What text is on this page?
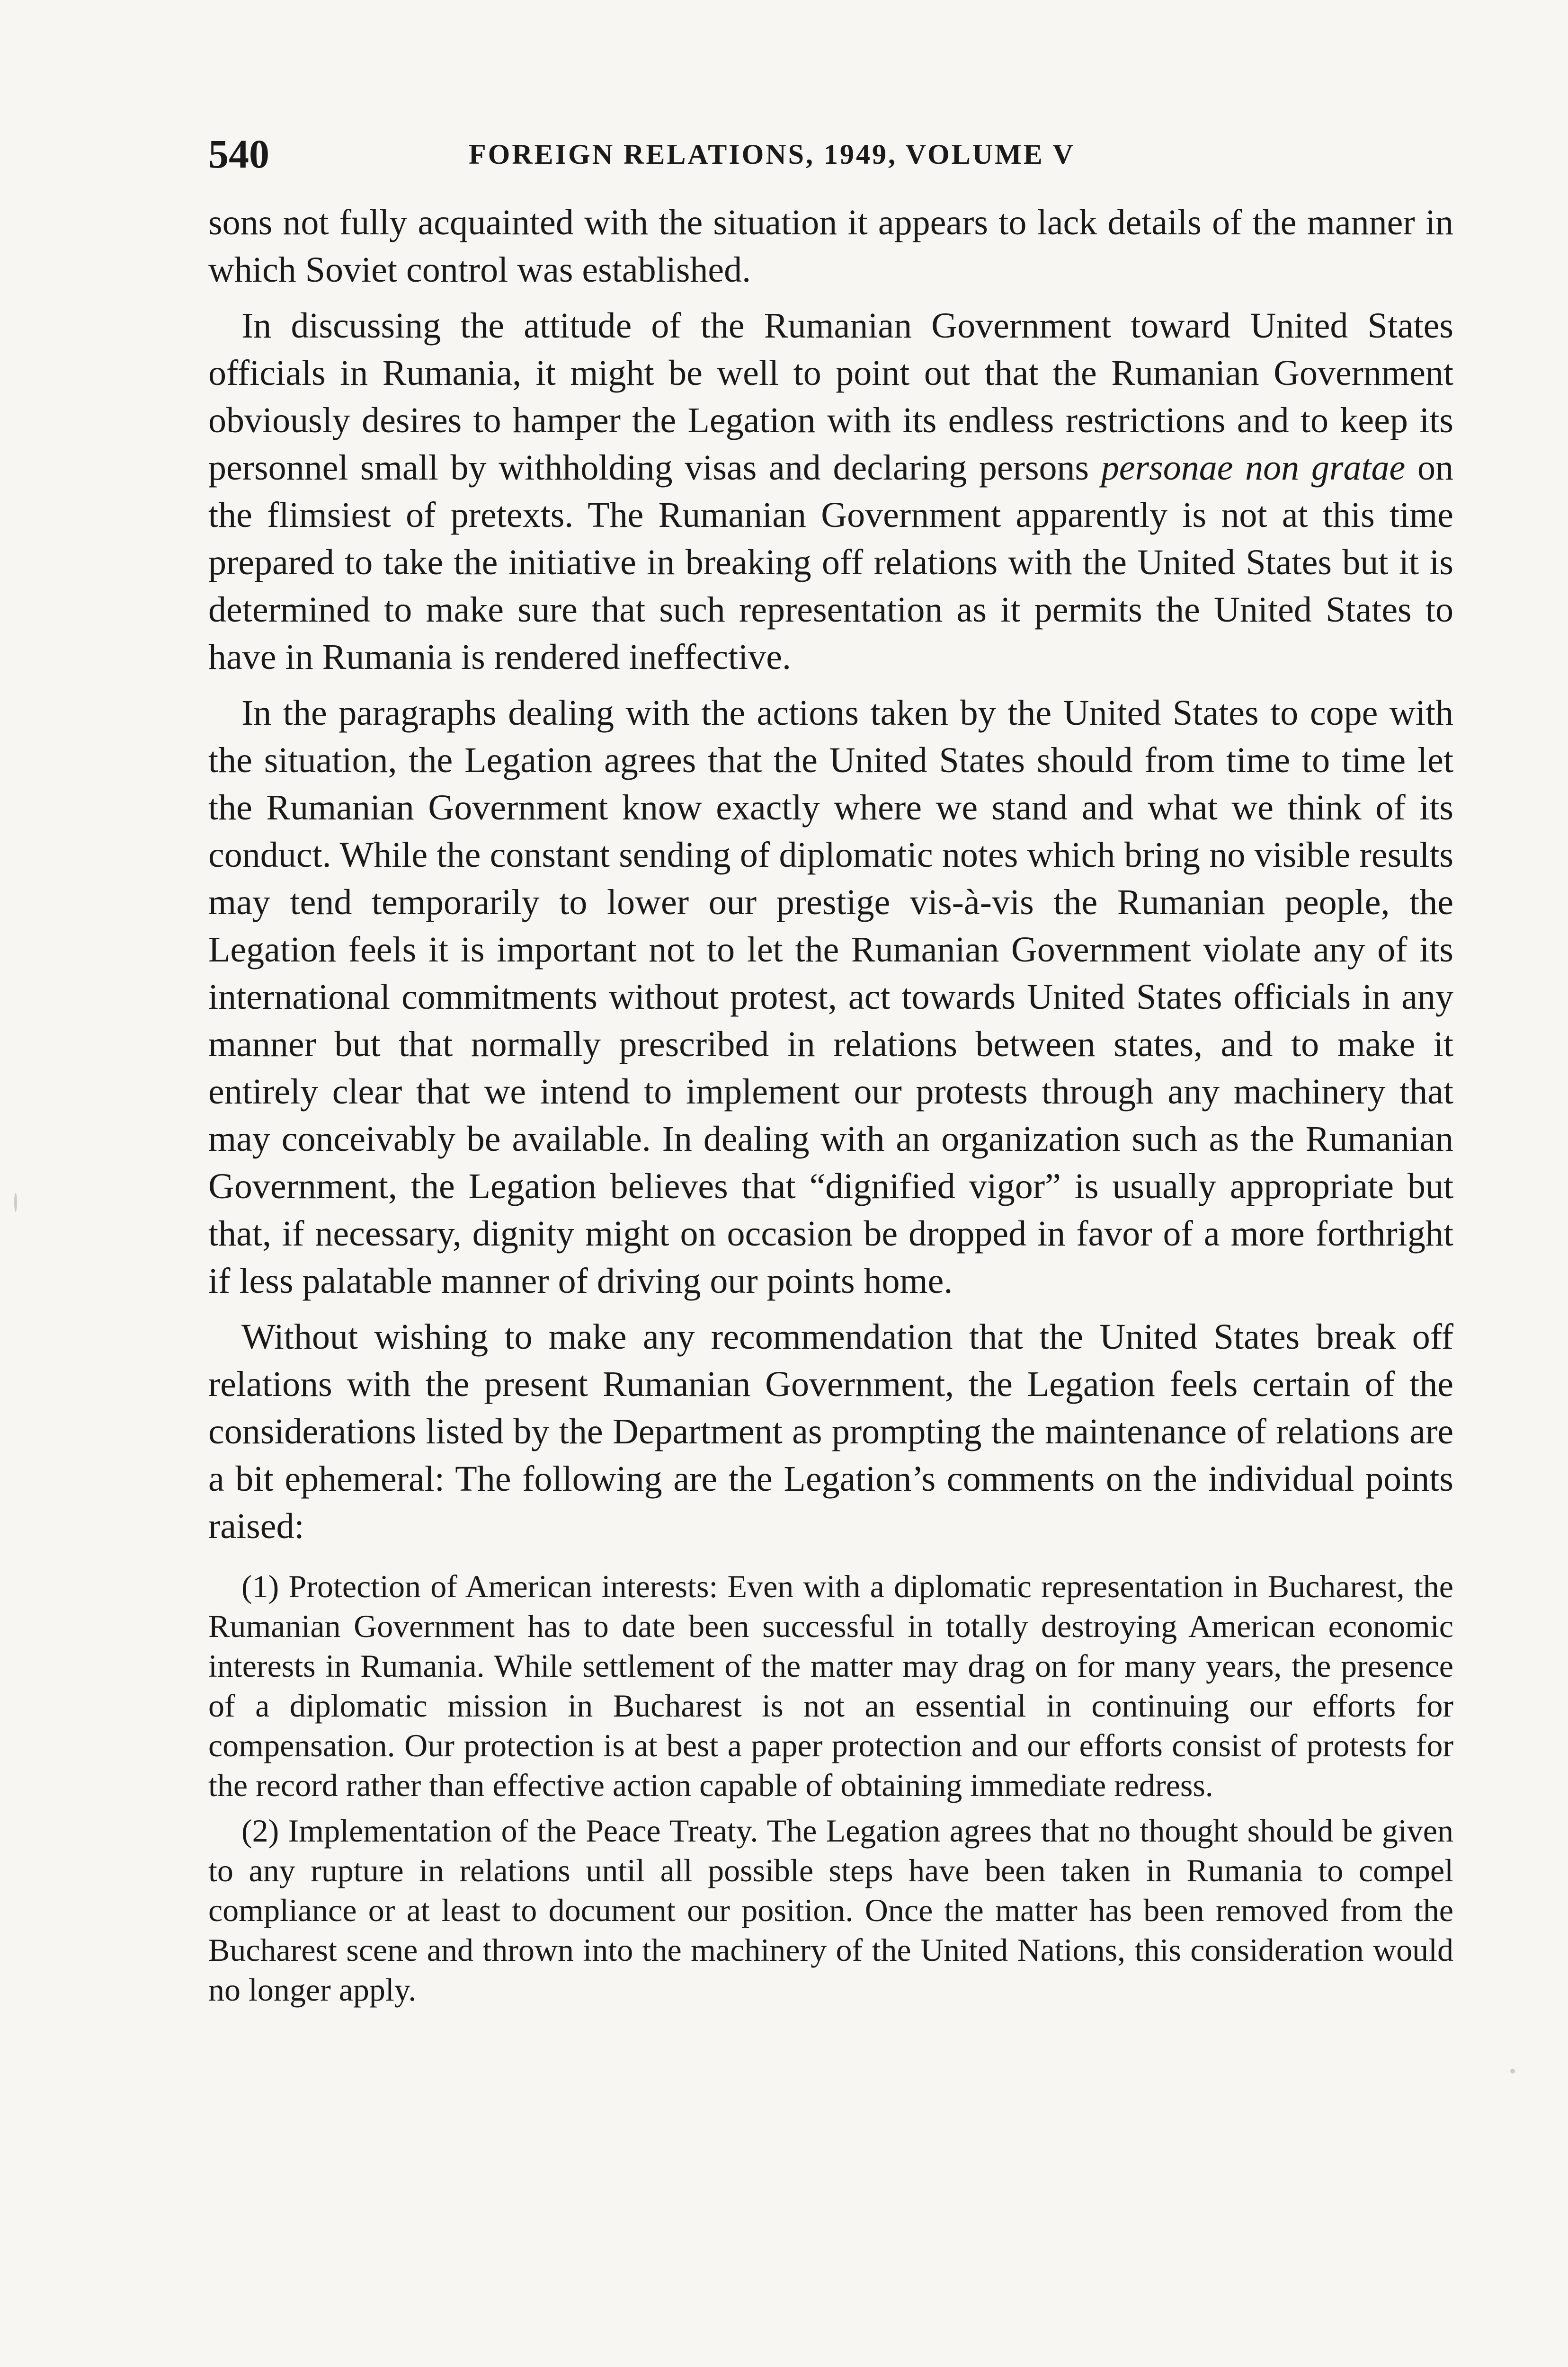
540	FOREIGN RELATIONS, 1949, VOLUME V

sons not fully acquainted with the situation it appears to lack details of the manner in which Soviet control was established.

In discussing the attitude of the Rumanian Government toward United States officials in Rumania, it might be well to point out that the Rumanian Government obviously desires to hamper the Legation with its endless restrictions and to keep its personnel small by withholding visas and declaring persons personae non gratae on the flimsiest of pretexts. The Rumanian Government apparently is not at this time prepared to take the initiative in breaking off relations with the United States but it is determined to make sure that such representation as it permits the United States to have in Rumania is rendered ineffective.

In the paragraphs dealing with the actions taken by the United States to cope with the situation, the Legation agrees that the United States should from time to time let the Rumanian Government know exactly where we stand and what we think of its conduct. While the constant sending of diplomatic notes which bring no visible results may tend temporarily to lower our prestige vis-à-vis the Rumanian people, the Legation feels it is important not to let the Rumanian Government violate any of its international commitments without protest, act towards United States officials in any manner but that normally prescribed in relations between states, and to make it entirely clear that we intend to implement our protests through any machinery that may conceivably be available. In dealing with an organization such as the Rumanian Government, the Legation believes that “dignified vigor” is usually appropriate but that, if necessary, dignity might on occasion be dropped in favor of a more forthright if less palatable manner of driving our points home.

Without wishing to make any recommendation that the United States break off relations with the present Rumanian Government, the Legation feels certain of the considerations listed by the Department as prompting the maintenance of relations are a bit ephemeral: The following are the Legation’s comments on the individual points raised:

(1) Protection of American interests: Even with a diplomatic representation in Bucharest, the Rumanian Government has to date been successful in totally destroying American economic interests in Rumania. While settlement of the matter may drag on for many years, the presence of a diplomatic mission in Bucharest is not an essential in continuing our efforts for compensation. Our protection is at best a paper protection and our efforts consist of protests for the record rather than effective action capable of obtaining immediate redress.

(2) Implementation of the Peace Treaty. The Legation agrees that no thought should be given to any rupture in relations until all possible steps have been taken in Rumania to compel compliance or at least to document our position. Once the matter has been removed from the Bucharest scene and thrown into the machinery of the United Nations, this consideration would no longer apply.
